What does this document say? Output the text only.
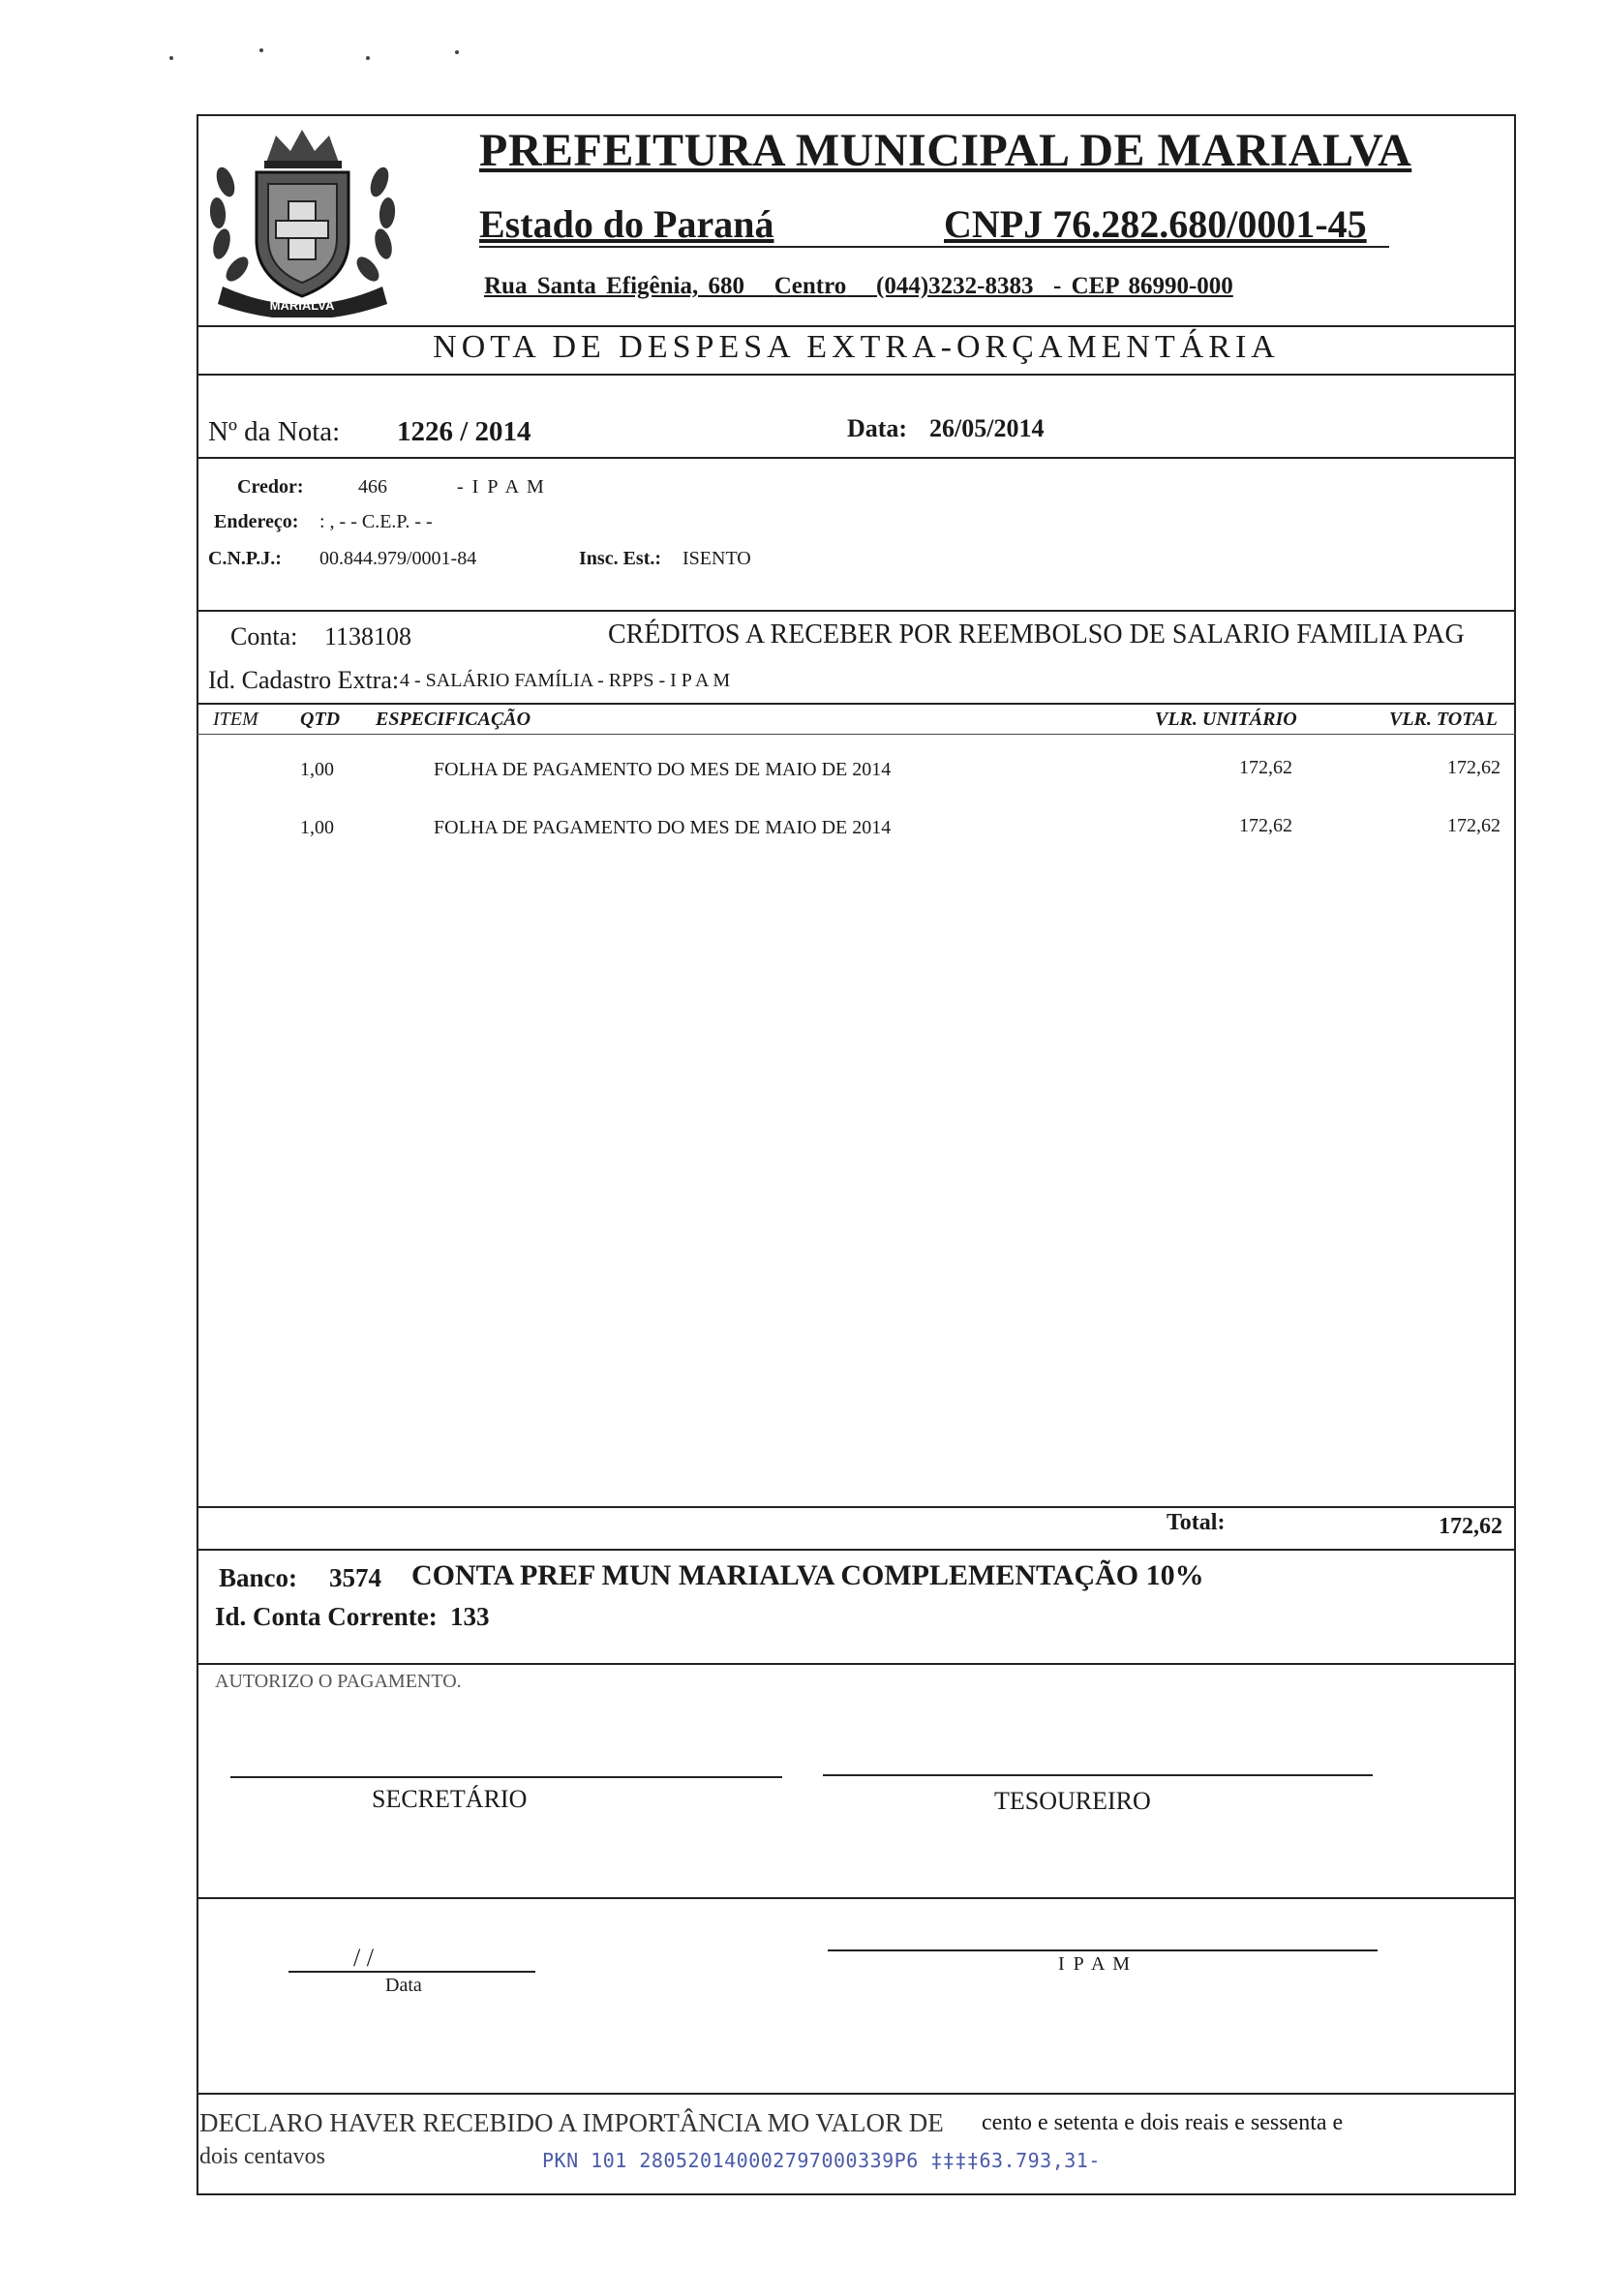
MARIALVA
PREFEITURA MUNICIPAL DE MARIALVA
Estado do Paraná	CNPJ 76.282.680/0001-45
Rua Santa Efigênia, 680 Centro (044)3232-8383 - CEP 86990-000
NOTA DE DESPESA EXTRA-ORÇAMENTÁRIA
Nº da Nota: 1226 / 2014	Data: 26/05/2014
Credor:	466	- I P A M
Endereço: : , - - C.E.P. - -
C.N.P.J.: 00.844.979/0001-84	Insc. Est.: ISENTO
Conta: 1138108	CRÉDITOS A RECEBER POR REEMBOLSO DE SALARIO FAMILIA PAG
Id. Cadastro Extra: 4 - SALÁRIO FAMÍLIA - RPPS - I P A M
ITEM QTD ESPECIFICAÇÃO	VLR. UNITÁRIO	VLR. TOTAL
1,00	FOLHA DE PAGAMENTO DO MES DE MAIO DE 2014	172,62	172,62
1,00	FOLHA DE PAGAMENTO DO MES DE MAIO DE 2014	172,62	172,62
Total:	172,62
Banco: 3574 CONTA PREF MUN MARIALVA COMPLEMENTAÇÃO 10%
Id. Conta Corrente: 133
AUTORIZO O PAGAMENTO.
SECRETÁRIO	TESOUREIRO
/ /
Data
I P A M
DECLARO HAVER RECEBIDO A IMPORTÂNCIA MO VALOR DE cento e setenta e dois reais e sessenta e
dois centavos	PKN 101 280520140002797000339P6 ‡‡‡‡63.793,31-
